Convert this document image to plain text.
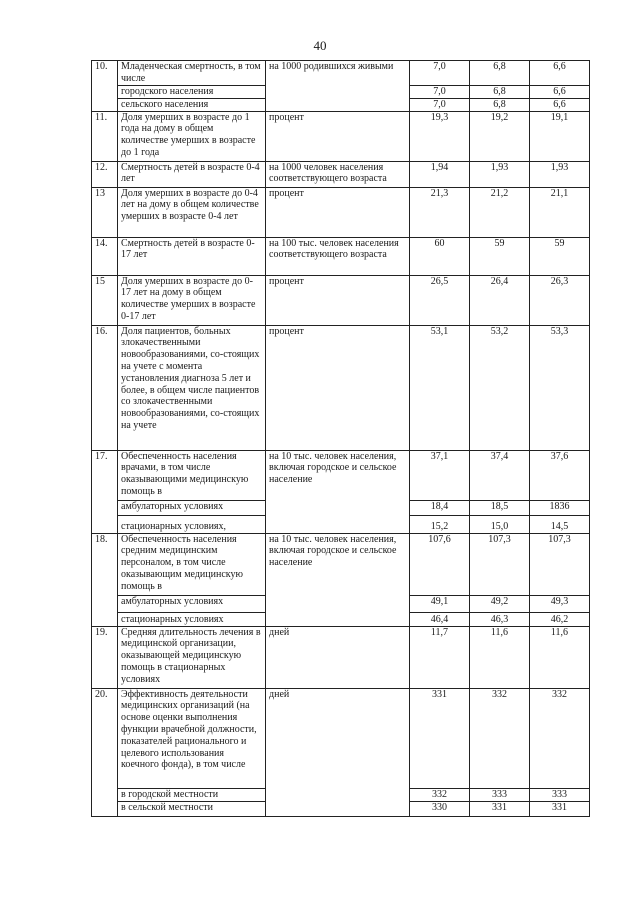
40
10.	Младенческая смертность, в том числе	на 1000 родившихся живыми	7,0	6,8	6,6
	городского населения		7,0	6,8	6,6
	сельского населения		7,0	6,8	6,6
11.	Доля умерших в возрасте до 1 года на дому в общем количестве умерших в возрасте до 1 года	процент	19,3	19,2	19,1
12.	Смертность детей в возрасте 0-4 лет	на 1000 человек населения соответствующего возраста	1,94	1,93	1,93
13	Доля умерших в возрасте до 0-4 лет на дому в общем количестве умерших в возрасте 0-4 лет	процент	21,3	21,2	21,1
14.	Смертность детей в возрасте 0-17 лет	на 100 тыс. человек населения соответствующего возраста	60	59	59
15	Доля умерших в возрасте до 0-17 лет на дому в общем количестве умерших в возрасте 0-17 лет	процент	26,5	26,4	26,3
16.	Доля пациентов, больных злокачественными новообразованиями, со-стоящих на учете с момента установления диагноза 5 лет и более, в общем числе пациентов со злокачественными новообразованиями, со-стоящих на учете	процент	53,1	53,2	53,3
17.	Обеспеченность населения врачами, в том числе оказывающими медицинскую помощь в	на 10 тыс. человек населения, включая городское и сельское население	37,1	37,4	37,6
	амбулаторных условиях		18,4	18,5	1836
	стационарных условиях,		15,2	15,0	14,5
18.	Обеспеченность населения средним медицинским персоналом, в том числе оказывающим медицинскую помощь в	на 10 тыс. человек населения, включая городское и сельское население	107,6	107,3	107,3
	амбулаторных условиях		49,1	49,2	49,3
	стационарных условиях		46,4	46,3	46,2
19.	Средняя длительность лечения в медицинской организации, оказывающей медицинскую помощь в стационарных условиях	дней	11,7	11,6	11,6
20.	Эффективность деятельности медицинских организаций (на основе оценки выполнения функции врачебной должности, показателей рационального и целевого использования коечного фонда), в том числе	дней	331	332	332
	в городской местности		332	333	333
	в сельской местности		330	331	331
